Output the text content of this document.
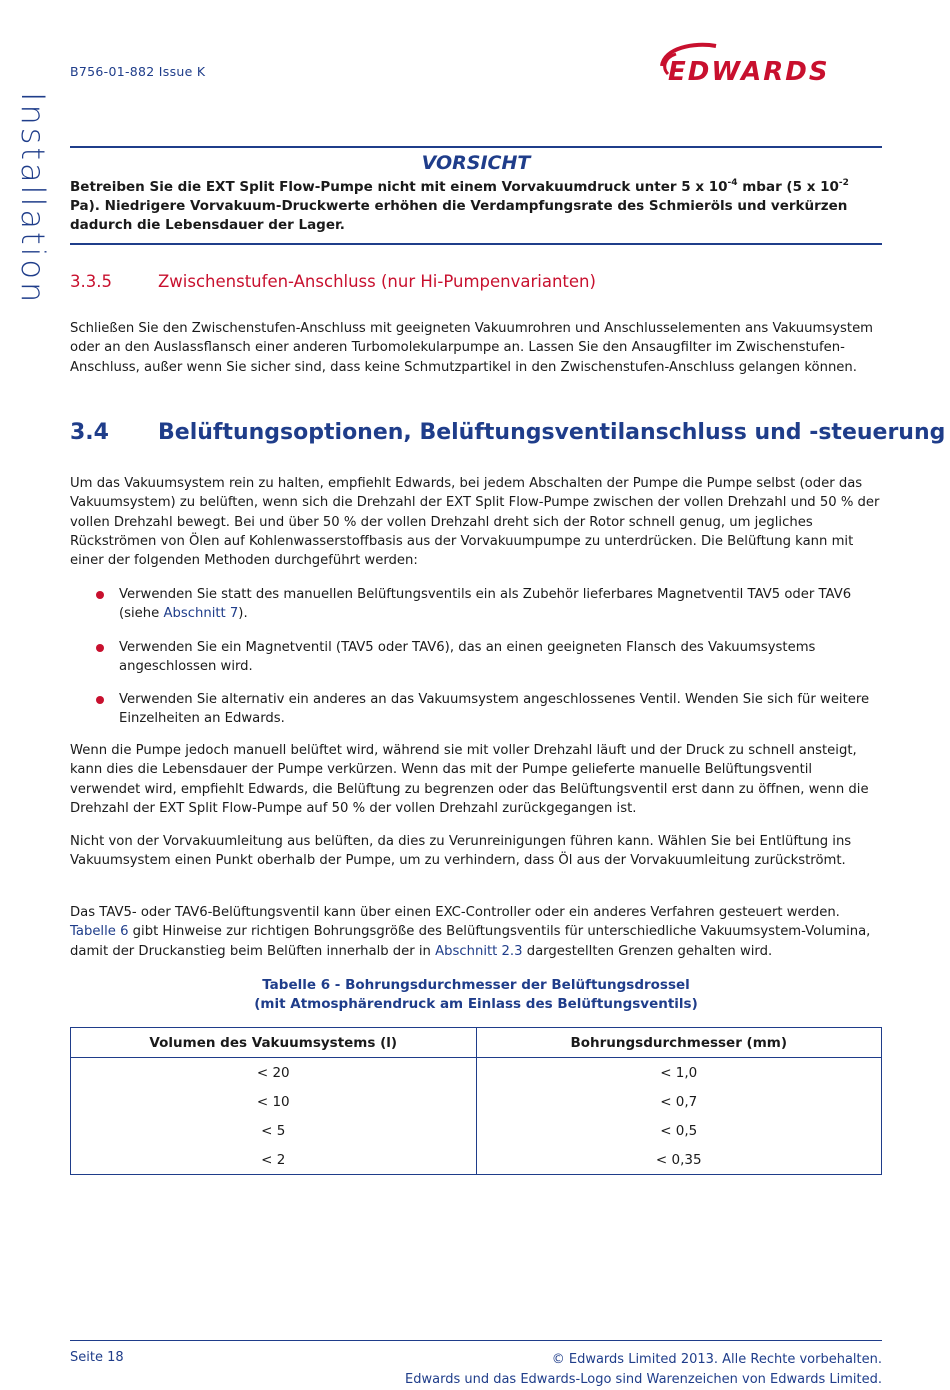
B756-01-882 Issue K	EDWARDS
Installation	VORSICHT

Betreiben Sie die EXT Split Flow-Pumpe nicht mit einem Vorvakuumdruck unter 5 x $10^{-4}$ mbar (5 x $10^{-2}$ Pa). Niedrigere Vorvakuum-Druckwerte erhöhen die Verdampfungsrate des Schmieröls und verkürzen dadurch die Lebensdauer der Lager.

3.3.5	Zwischenstufen-Anschluss (nur Hi-Pumpenvarianten)

Schließen Sie den Zwischenstufen-Anschluss mit geeigneten Vakuumrohren und Anschlusselementen ans Vakuumsystem oder an den Auslassflansch einer anderen Turbomolekularpumpe an. Lassen Sie den Ansaugfilter im Zwischenstufen-Anschluss, außer wenn Sie sicher sind, dass keine Schmutzpartikel in den Zwischenstufen-Anschluss gelangen können.

3.4 Belüftungsoptionen, Belüftungsventilanschluss und -steuerung

Um das Vakuumsystem rein zu halten, empfiehlt Edwards, bei jedem Abschalten der Pumpe die Pumpe selbst (oder das Vakuumsystem) zu belüften, wenn sich die Drehzahl der EXT Split Flow-Pumpe zwischen der vollen Drehzahl und 50 % der vollen Drehzahl bewegt. Bei und über 50 % der vollen Drehzahl dreht sich der Rotor schnell genug, um jegliches Rückströmen von Ölen auf Kohlenwasserstoffbasis aus der Vorvakuumpumpe zu unterdrücken. Die Belüftung kann mit einer der folgenden Methoden durchgeführt werden:

Verwenden Sie statt des manuellen Belüftungsventils ein als Zubehör lieferbares Magnetventil TAV5 oder TAV6 (siehe Abschnitt 7).
Verwenden Sie ein Magnetventil (TAV5 oder TAV6), das an einen geeigneten Flansch des Vakuumsystems angeschlossen wird.
Verwenden Sie alternativ ein anderes an das Vakuumsystem angeschlossenes Ventil. Wenden Sie sich für weitere Einzelheiten an Edwards.

Wenn die Pumpe jedoch manuell belüftet wird, während sie mit voller Drehzahl läuft und der Druck zu schnell ansteigt, kann dies die Lebensdauer der Pumpe verkürzen. Wenn das mit der Pumpe gelieferte manuelle Belüftungsventil verwendet wird, empfiehlt Edwards, die Belüftung zu begrenzen oder das Belüftungsventil erst dann zu öffnen, wenn die Drehzahl der EXT Split Flow-Pumpe auf 50 % der vollen Drehzahl zurückgegangen ist.

Nicht von der Vorvakuumleitung aus belüften, da dies zu Verunreinigungen führen kann. Wählen Sie bei Entlüftung ins Vakuumsystem einen Punkt oberhalb der Pumpe, um zu verhindern, dass Öl aus der Vorvakuumleitung zurückströmt.

Das TAV5- oder TAV6-Belüftungsventil kann über einen EXC-Controller oder ein anderes Verfahren gesteuert werden. Tabelle 6 gibt Hinweise zur richtigen Bohrungsgröße des Belüftungsventils für unterschiedliche Vakuumsystem-Volumina, damit der Druckanstieg beim Belüften innerhalb der in Abschnitt 2.3 dargestellten Grenzen gehalten wird.

Tabelle 6 - Bohrungsdurchmesser der Belüftungsdrossel
(mit Atmosphärendruck am Einlass des Belüftungsventils)
Volumen des Vakuumsystems (l)	Bohrungsdurchmesser (mm)
< 20	< 1,0
< 10	< 0,7
< 5	< 0,5
< 2	< 0,35
Seite 18	© Edwards Limited 2013. Alle Rechte vorbehalten.
Edwards und das Edwards-Logo sind Warenzeichen von Edwards Limited.
